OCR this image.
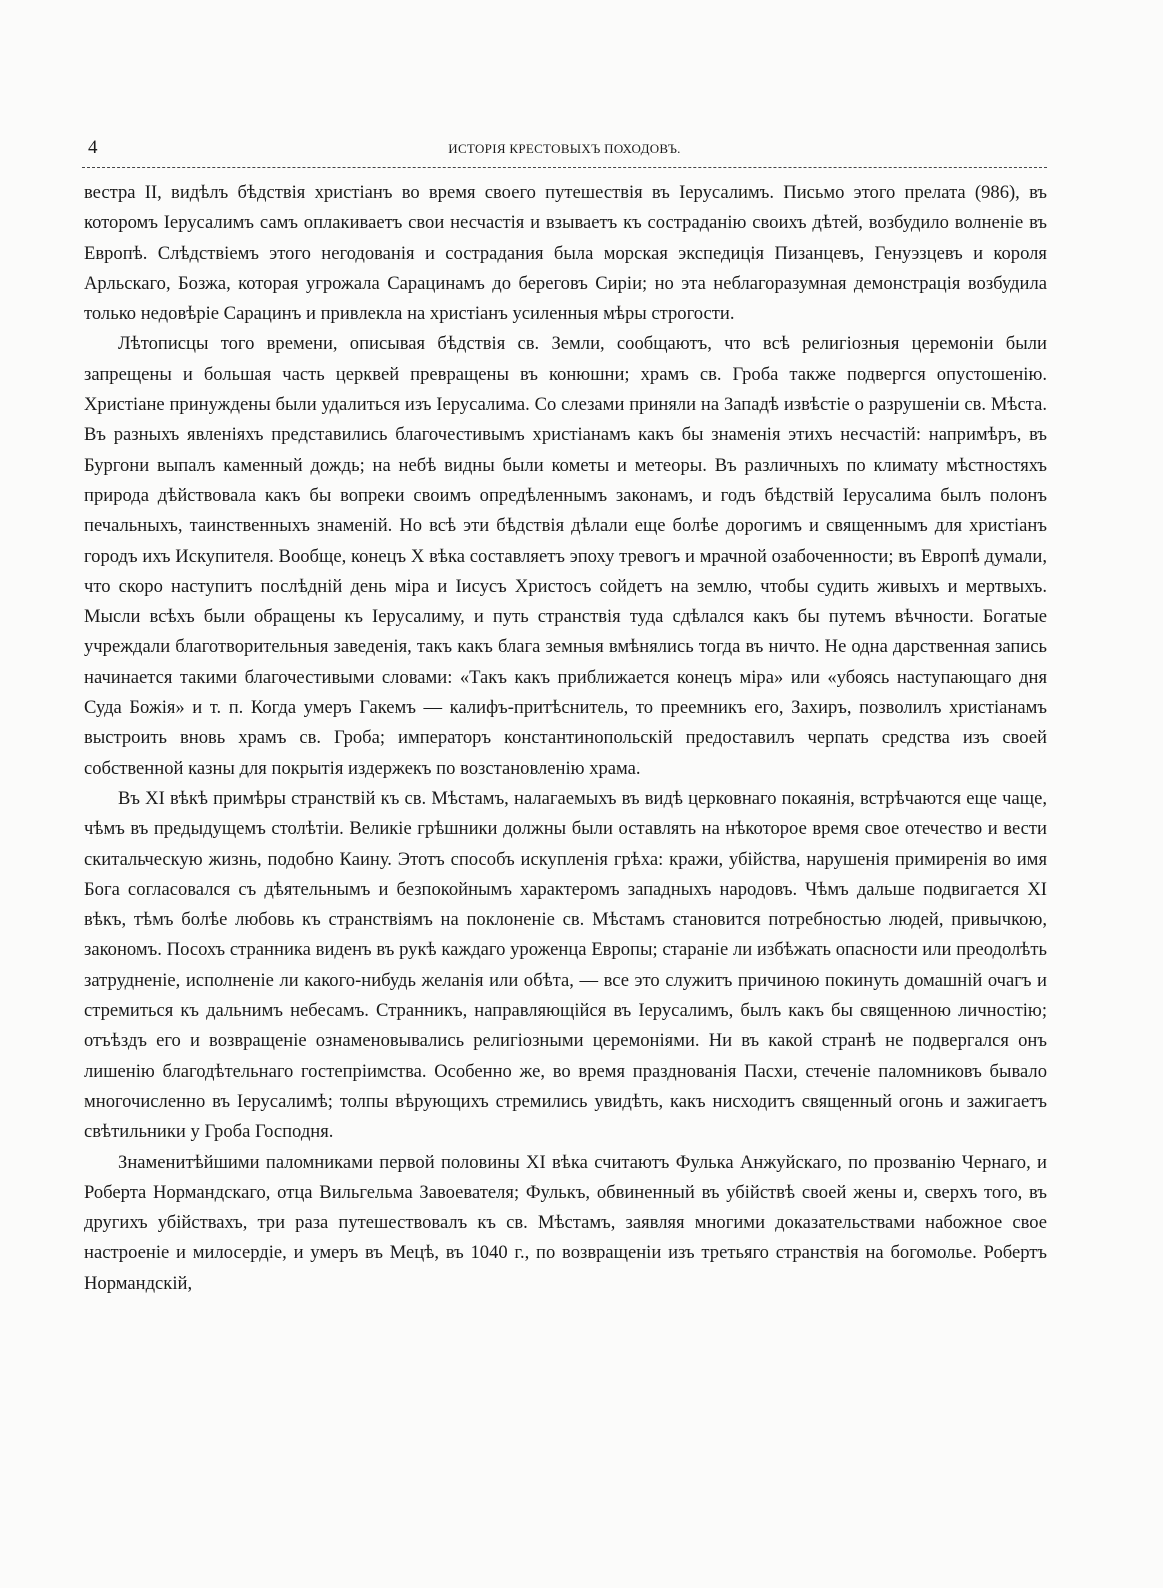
4	ИСТОРІЯ КРЕСТОВЫХЪ ПОХОДОВЪ.

вестра II, видѣлъ бѣдствія христіанъ во время своего путешествія въ Іерусалимъ. Письмо этого прелата (986), въ которомъ Іерусалимъ самъ оплакиваетъ свои несчастія и взываетъ къ состраданію своихъ дѣтей, возбудило волненіе въ Европѣ. Слѣдствіемъ этого негодованія и сострадания была морская экспедиція Пизанцевъ, Генуэзцевъ и короля Арльскаго, Бозжа, которая угрожала Сарацинамъ до береговъ Сиріи; но эта неблагоразумная демонстрація возбудила только недовѣріе Сарацинъ и привлекла на христіанъ усиленныя мѣры строгости.

Лѣтописцы того времени, описывая бѣдствія св. Земли, сообщаютъ, что всѣ религіозныя церемоніи были запрещены и большая часть церквей превращены въ конюшни; храмъ св. Гроба также подвергся опустошенію. Христіане принуждены были удалиться изъ Іерусалима. Со слезами приняли на Западѣ извѣстіе о разрушеніи св. Мѣста. Въ разныхъ явленіяхъ представились благочестивымъ христіанамъ какъ бы знаменія этихъ несчастій: напримѣръ, въ Бургони выпалъ каменный дождь; на небѣ видны были кометы и метеоры. Въ различныхъ по климату мѣстностяхъ природа дѣйствовала какъ бы вопреки своимъ опредѣленнымъ законамъ, и годъ бѣдствій Іерусалима былъ полонъ печальныхъ, таинственныхъ знаменій. Но всѣ эти бѣдствія дѣлали еще болѣе дорогимъ и священнымъ для христіанъ городъ ихъ Искупителя. Вообще, конецъ X вѣка составляетъ эпоху тревогъ и мрачной озабоченности; въ Европѣ думали, что скоро наступитъ послѣдній день міра и Іисусъ Христосъ сойдетъ на землю, чтобы судить живыхъ и мертвыхъ. Мысли всѣхъ были обращены къ Іерусалиму, и путь странствія туда сдѣлался какъ бы путемъ вѣчности. Богатые учреждали благотворительныя заведенія, такъ какъ блага земныя вмѣнялись тогда въ ничто. Не одна дарственная запись начинается такими благочестивыми словами: «Такъ какъ приближается конецъ міра» или «убоясь наступающаго дня Суда Божія» и т. п. Когда умеръ Гакемъ — калифъ-притѣснитель, то преемникъ его, Захиръ, позволилъ христіанамъ выстроить вновь храмъ св. Гроба; императоръ константинопольскій предоставилъ черпать средства изъ своей собственной казны для покрытія издержекъ по возстановленію храма.

Въ XI вѣкѣ примѣры странствій къ св. Мѣстамъ, налагаемыхъ въ видѣ церковнаго покаянія, встрѣчаются еще чаще, чѣмъ въ предыдущемъ столѣтіи. Великіе грѣшники должны были оставлять на нѣкоторое время свое отечество и вести скитальческую жизнь, подобно Каину. Этотъ способъ искупленія грѣха: кражи, убійства, нарушенія примиренія во имя Бога согласовался съ дѣятельнымъ и безпокойнымъ характеромъ западныхъ народовъ. Чѣмъ дальше подвигается XI вѣкъ, тѣмъ болѣе любовь къ странствіямъ на поклоненіе св. Мѣстамъ становится потребностью людей, привычкою, закономъ. Посохъ странника виденъ въ рукѣ каждаго уроженца Европы; стараніе ли избѣжать опасности или преодолѣть затрудненіе, исполненіе ли какого-нибудь желанія или обѣта, — все это служитъ причиною покинуть домашній очагъ и стремиться къ дальнимъ небесамъ. Странникъ, направляющійся въ Іерусалимъ, былъ какъ бы священною личностію; отъѣздъ его и возвращеніе ознаменовывались религіозными церемоніями. Ни въ какой странѣ не подвергался онъ лишенію благодѣтельнаго гостепріимства. Особенно же, во время празднованія Пасхи, стеченіе паломниковъ бывало многочисленно въ Іерусалимѣ; толпы вѣрующихъ стремились увидѣть, какъ нисходитъ священный огонь и зажигаетъ свѣтильники у Гроба Господня.

Знаменитѣйшими паломниками первой половины XI вѣка считаютъ Фулька Анжуйскаго, по прозванію Чернаго, и Роберта Нормандскаго, отца Вильгельма Завоевателя; Фулькъ, обвиненный въ убійствѣ своей жены и, сверхъ того, въ другихъ убійствахъ, три раза путешествовалъ къ св. Мѣстамъ, заявляя многими доказательствами набожное свое настроеніе и милосердіе, и умеръ въ Мецѣ, въ 1040 г., по возвращеніи изъ третьяго странствія на богомолье. Робертъ Нормандскій,
